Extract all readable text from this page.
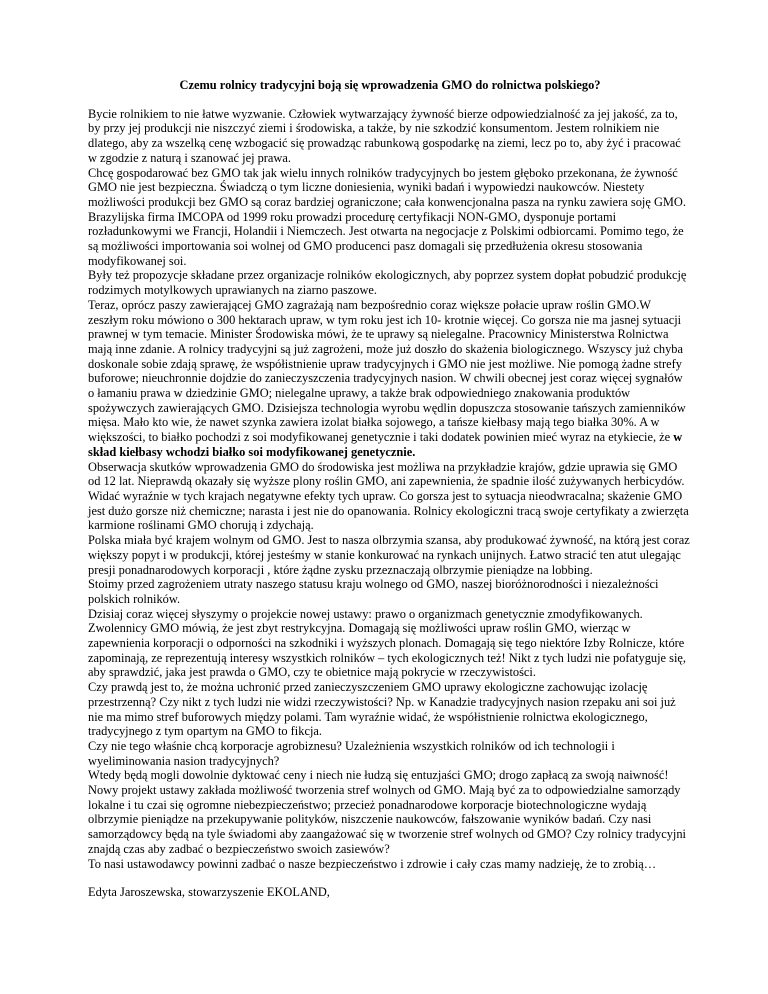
Czemu rolnicy tradycyjni boją się wprowadzenia GMO do rolnictwa polskiego?

Bycie rolnikiem to nie łatwe wyzwanie. Człowiek wytwarzający żywność bierze odpowiedzialność za jej jakość, za to, by przy jej produkcji nie niszczyć ziemi i środowiska, a także, by nie szkodzić konsumentom. Jestem rolnikiem nie dlatego, aby za wszelką cenę wzbogacić się prowadząc rabunkową gospodarkę na ziemi, lecz po to, aby żyć i pracować w zgodzie z naturą i szanować jej prawa.

Chcę gospodarować bez GMO tak jak wielu innych rolników tradycyjnych bo jestem głęboko przekonana, że żywność GMO nie jest bezpieczna. Świadczą o tym liczne doniesienia, wyniki badań i wypowiedzi naukowców. Niestety możliwości produkcji bez GMO są coraz bardziej ograniczone; cała konwencjonalna pasza na rynku zawiera soję GMO. Brazylijska firma IMCOPA od 1999 roku prowadzi procedurę certyfikacji NON-GMO, dysponuje portami rozładunkowymi we Francji, Holandii i Niemczech. Jest otwarta na negocjacje z Polskimi odbiorcami. Pomimo tego, że są możliwości importowania soi wolnej od GMO producenci pasz domagali się przedłużenia okresu stosowania modyfikowanej soi.

Były też propozycje składane przez organizacje rolników ekologicznych, aby poprzez system dopłat pobudzić produkcję rodzimych motylkowych uprawianych na ziarno paszowe.

Teraz, oprócz paszy zawierającej GMO zagrażają nam bezpośrednio coraz większe połacie upraw roślin GMO.W zeszłym roku mówiono o 300 hektarach upraw, w tym roku jest ich 10- krotnie więcej. Co gorsza nie ma jasnej sytuacji prawnej w tym temacie. Minister Środowiska mówi, że te uprawy są nielegalne. Pracownicy Ministerstwa Rolnictwa mają inne zdanie. A rolnicy tradycyjni są już zagrożeni, może już doszło do skażenia biologicznego. Wszyscy już chyba doskonale sobie zdają sprawę, że współistnienie upraw tradycyjnych i GMO nie jest możliwe. Nie pomogą żadne strefy buforowe; nieuchronnie dojdzie do zanieczyszczenia tradycyjnych nasion. W chwili obecnej jest coraz więcej sygnałów o łamaniu prawa w dziedzinie GMO; nielegalne uprawy, a także brak odpowiedniego znakowania produktów spożywczych zawierających GMO. Dzisiejsza technologia wyrobu wędlin dopuszcza stosowanie tańszych zamienników mięsa. Mało kto wie, że nawet szynka zawiera izolat białka sojowego, a tańsze kiełbasy mają tego białka 30%. A w większości, to białko pochodzi z soi modyfikowanej genetycznie i taki dodatek powinien mieć wyraz na etykiecie, że w skład kiełbasy wchodzi białko soi modyfikowanej genetycznie.

Obserwacja skutków wprowadzenia GMO do środowiska jest możliwa na przykładzie krajów, gdzie uprawia się GMO od 12 lat. Nieprawdą okazały się wyższe plony roślin GMO, ani zapewnienia, że spadnie ilość zużywanych herbicydów. Widać wyraźnie w tych krajach negatywne efekty tych upraw. Co gorsza jest to sytuacja nieodwracalna; skażenie GMO jest dużo gorsze niż chemiczne; narasta i jest nie do opanowania. Rolnicy ekologiczni tracą swoje certyfikaty a zwierzęta karmione roślinami GMO chorują i zdychają.

Polska miała być krajem wolnym od GMO. Jest to nasza olbrzymia szansa, aby produkować żywność, na którą jest coraz większy popyt i w produkcji, której jesteśmy w stanie konkurować na rynkach unijnych. Łatwo stracić ten atut ulegając presji ponadnarodowych korporacji , które żądne zysku przeznaczają olbrzymie pieniądze na lobbing.

Stoimy przed zagrożeniem utraty naszego statusu kraju wolnego od GMO, naszej bioróżnorodności i niezależności polskich rolników.

Dzisiaj coraz więcej słyszymy o projekcie nowej ustawy: prawo o organizmach genetycznie zmodyfikowanych. Zwolennicy GMO mówią, że jest zbyt restrykcyjna. Domagają się możliwości upraw roślin GMO, wierząc w zapewnienia korporacji o odporności na szkodniki i wyższych plonach. Domagają się tego niektóre Izby Rolnicze, które zapominają, ze reprezentują interesy wszystkich rolników – tych ekologicznych też! Nikt z tych ludzi nie pofatyguje się, aby sprawdzić, jaka jest prawda o GMO, czy te obietnice mają pokrycie w rzeczywistości.

Czy prawdą jest to, że można uchronić przed zanieczyszczeniem GMO uprawy ekologiczne zachowując izolację przestrzenną? Czy nikt z tych ludzi nie widzi rzeczywistości? Np. w Kanadzie tradycyjnych nasion rzepaku ani soi już nie ma mimo stref buforowych między polami. Tam wyraźnie widać, że współistnienie rolnictwa ekologicznego, tradycyjnego z tym opartym na GMO to fikcja.

Czy nie tego właśnie chcą korporacje agrobiznesu? Uzależnienia wszystkich rolników od ich technologii i wyeliminowania nasion tradycyjnych?

Wtedy będą mogli dowolnie dyktować ceny i niech nie łudzą się entuzjaści GMO; drogo zapłacą za swoją naiwność! Nowy projekt ustawy zakłada możliwość tworzenia stref wolnych od GMO. Mają być za to odpowiedzialne samorządy lokalne i tu czai się ogromne niebezpieczeństwo; przecież ponadnarodowe korporacje biotechnologiczne wydają olbrzymie pieniądze na przekupywanie polityków, niszczenie naukowców, fałszowanie wyników badań. Czy nasi samorządowcy będą na tyle świadomi aby zaangażować się w tworzenie stref wolnych od GMO? Czy rolnicy tradycyjni znajdą czas aby zadbać o bezpieczeństwo swoich zasiewów?

To nasi ustawodawcy powinni zadbać o nasze bezpieczeństwo i zdrowie i cały czas mamy nadzieję, że to zrobią…

Edyta Jaroszewska, stowarzyszenie EKOLAND,
